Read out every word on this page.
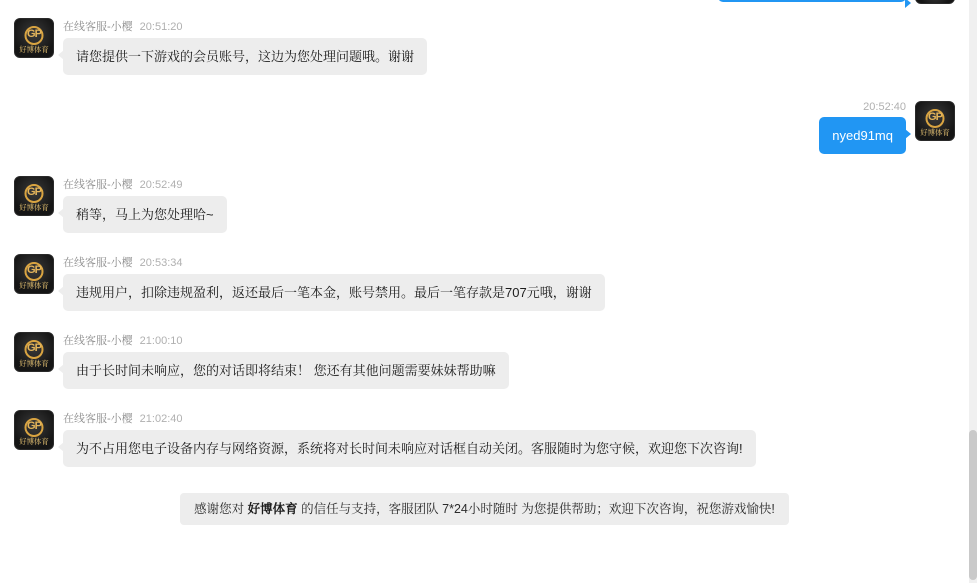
GP
好博体育
在线客服-小樱 20:51:20
请您提供一下游戏的会员账号，这边为您处理问题哦。谢谢
20:52:40
nyed91mq
GP
好博体育
GP
好博体育
在线客服-小樱 20:52:49
稍等，马上为您处理哈~
GP
好博体育
在线客服-小樱 20:53:34
违规用户，扣除违规盈利，返还最后一笔本金，账号禁用。最后一笔存款是707元哦，谢谢
GP
好博体育
在线客服-小樱 21:00:10
由于长时间未响应，您的对话即将结束！ 您还有其他问题需要妹妹帮助嘛
GP
好博体育
在线客服-小樱 21:02:40
为不占用您电子设备内存与网络资源，系统将对长时间未响应对话框自动关闭。客服随时为您守候，欢迎您下次咨询!
感谢您对 好博体育 的信任与支持，客服团队 7*24小时随时 为您提供帮助；欢迎下次咨询，祝您游戏愉快!
